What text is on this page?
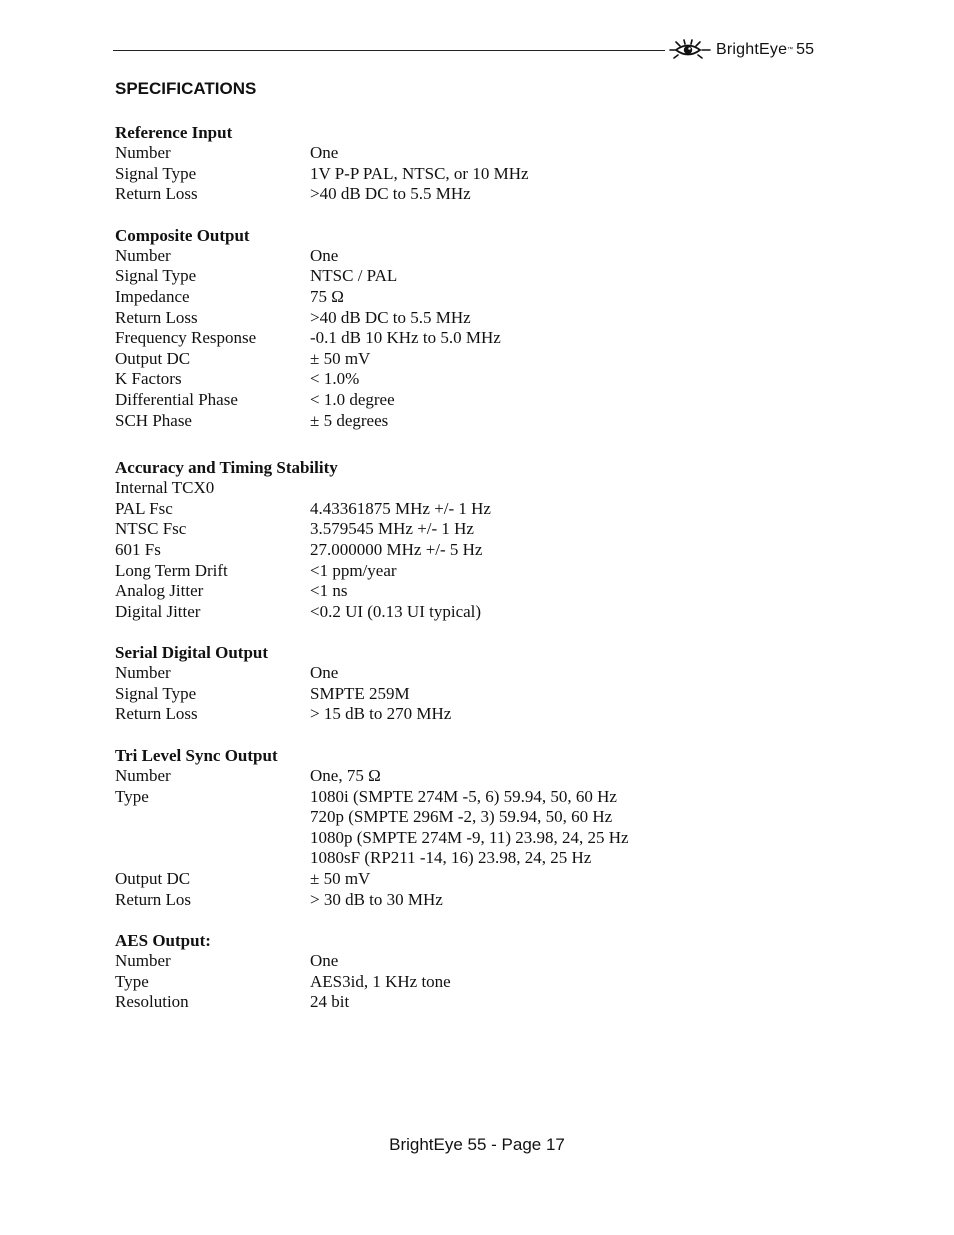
BrightEye ™ 55
SPECIFICATIONS
Reference Input
Number	One
Signal Type	1V P-P PAL, NTSC, or 10 MHz
Return Loss	>40 dB DC to 5.5 MHz
Composite Output
Number	One
Signal Type	NTSC / PAL
Impedance	75 Ω
Return Loss	>40 dB DC to 5.5 MHz
Frequency Response	-0.1 dB 10 KHz to 5.0 MHz
Output DC	± 50 mV
K Factors	< 1.0%
Differential Phase	< 1.0 degree
SCH Phase	± 5 degrees
Accuracy and Timing Stability
Internal TCX0
PAL Fsc	4.43361875 MHz +/- 1 Hz
NTSC Fsc	3.579545 MHz +/- 1 Hz
601 Fs	27.000000 MHz +/- 5 Hz
Long Term Drift	<1 ppm/year
Analog Jitter	<1 ns
Digital Jitter	<0.2 UI (0.13 UI typical)
Serial Digital Output
Number	One
Signal Type	SMPTE 259M
Return Loss	> 15 dB to 270 MHz
Tri Level Sync Output
Number	One, 75 Ω
Type	1080i (SMPTE 274M -5, 6) 59.94, 50, 60 Hz
720p (SMPTE 296M -2, 3) 59.94, 50, 60 Hz
1080p (SMPTE 274M -9, 11) 23.98, 24, 25 Hz
1080sF (RP211 -14, 16) 23.98, 24, 25 Hz
Output DC	± 50 mV
Return Los	> 30 dB to 30 MHz
AES Output:
Number	One
Type	AES3id, 1 KHz tone
Resolution	24 bit
BrightEye 55 - Page 17
